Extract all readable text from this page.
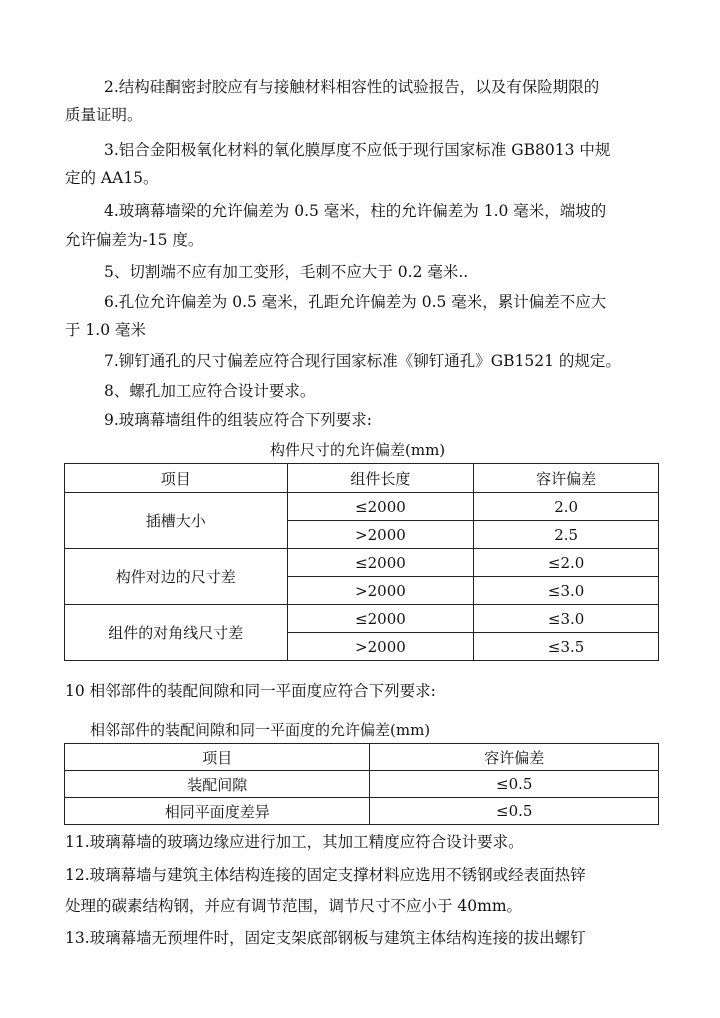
2.结构硅酮密封胶应有与接触材料相容性的试验报告，以及有保险期限的

质量证明。

3.铝合金阳极氧化材料的氧化膜厚度不应低于现行国家标准 GB8013 中规

定的 AA15。

4.玻璃幕墙梁的允许偏差为 0.5 毫米，柱的允许偏差为 1.0 毫米，端坡的

允许偏差为-15 度。

5、切割端不应有加工变形，毛刺不应大于 0.2 毫米..

6.孔位允许偏差为 0.5 毫米，孔距允许偏差为 0.5 毫米，累计偏差不应大

于 1.0 毫米

7.铆钉通孔的尺寸偏差应符合现行国家标准《铆钉通孔》GB1521 的规定。

8、螺孔加工应符合设计要求。

9.玻璃幕墙组件的组装应符合下列要求:

构件尺寸的允许偏差(mm)

项目	组件长度	容许偏差
插槽大小	≤2000	2.0
	>2000	2.5
构件对边的尺寸差	≤2000	≤2.0
	>2000	≤3.0
组件的对角线尺寸差	≤2000	≤3.0
	>2000	≤3.5

10 相邻部件的装配间隙和同一平面度应符合下列要求:

相邻部件的装配间隙和同一平面度的允许偏差(mm)

项目	容许偏差
装配间隙	≤0.5
相同平面度差异	≤0.5

11.玻璃幕墙的玻璃边缘应进行加工，其加工精度应符合设计要求。

12.玻璃幕墙与建筑主体结构连接的固定支撑材料应选用不锈钢或经表面热锌

处理的碳素结构钢，并应有调节范围，调节尺寸不应小于 40mm。

13.玻璃幕墙无预埋件时，固定支架底部钢板与建筑主体结构连接的拔出螺钉
